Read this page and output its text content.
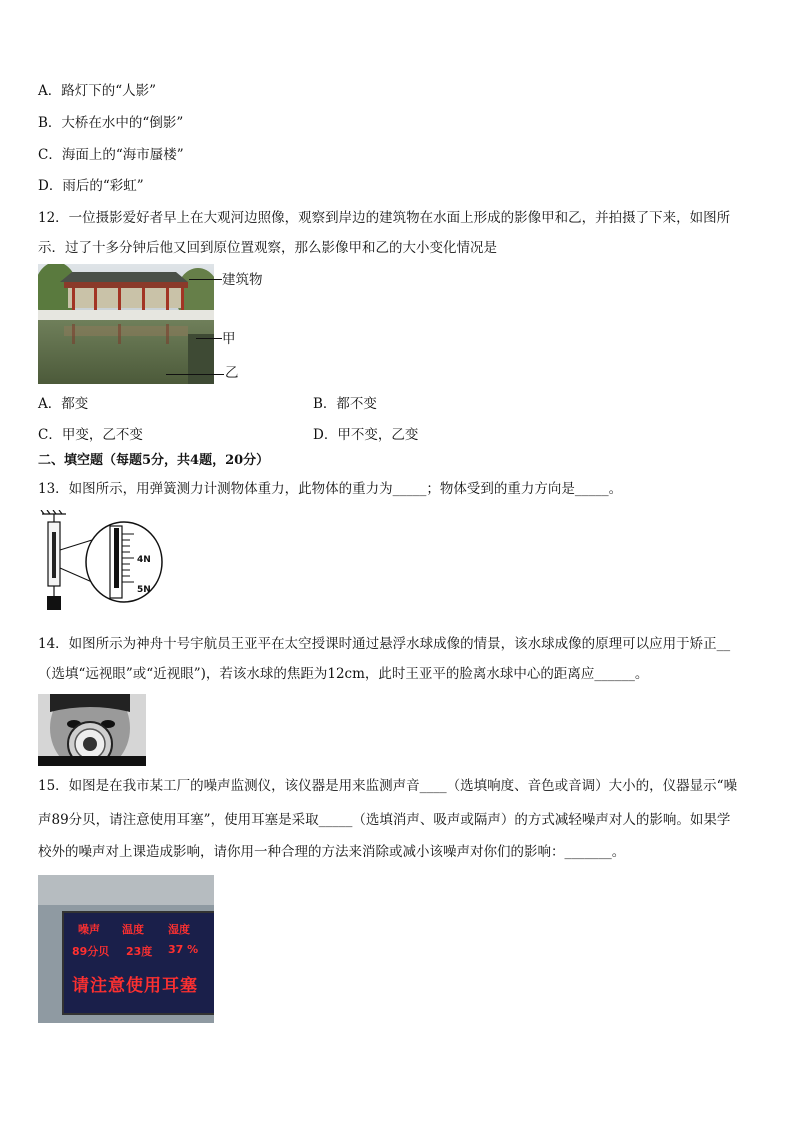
A．路灯下的“人影”
B．大桥在水中的“倒影”
C．海面上的“海市蜃楼”
D．雨后的“彩虹”
12．一位摄影爱好者早上在大观河边照像，观察到岸边的建筑物在水面上形成的影像甲和乙，并拍摄了下来，如图所
示．过了十多分钟后他又回到原位置观察，那么影像甲和乙的大小变化情况是
建筑物
甲
乙
A．都变	B．都不变
C．甲变，乙不变	D．甲不变，乙变
二、填空题（每题5分，共4题，20分）
13．如图所示，用弹簧测力计测物体重力，此物体的重力为_____；物体受到的重力方向是_____。
4N
5N
14．如图所示为神舟十号宇航员王亚平在太空授课时通过悬浮水球成像的情景，该水球成像的原理可以应用于矫正__
（选填“远视眼”或“近视眼”)，若该水球的焦距为12cm，此时王亚平的脸离水球中心的距离应______。
15．如图是在我市某工厂的噪声监测仪，该仪器是用来监测声音____（选填响度、音色或音调）大小的，仪器显示“噪
声89分贝，请注意使用耳塞”，使用耳塞是采取_____（选填消声、吸声或隔声）的方式减轻噪声对人的影响。如果学
校外的噪声对上课造成影响，请你用一种合理的方法来消除或减小该噪声对你们的影响：_______。
噪声 温度 湿度
89分贝 23度 37 %
请注意使用耳塞
